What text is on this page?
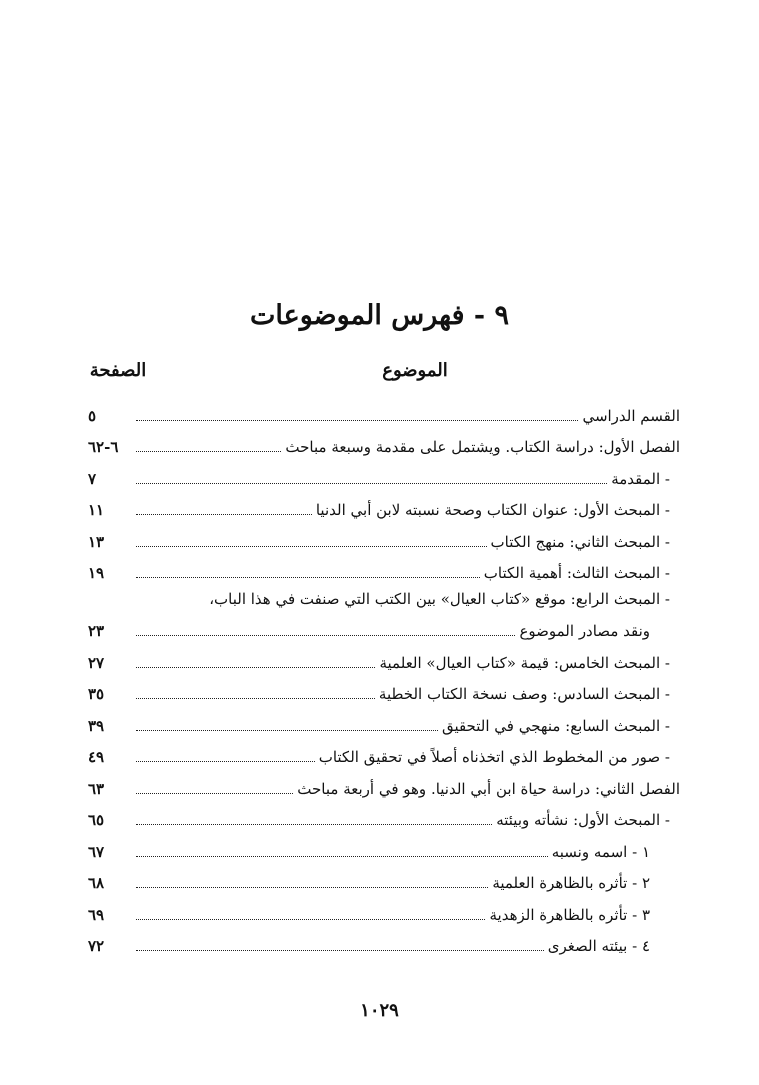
٩ - فهرس الموضوعات
الموضوع
الصفحة
القسم الدراسي
٥
الفصل الأول: دراسة الكتاب. ويشتمل على مقدمة وسبعة مباحث
٦-٦٢
- المقدمة
٧
- المبحث الأول: عنوان الكتاب وصحة نسبته لابن أبي الدنيا
١١
- المبحث الثاني: منهج الكتاب
١٣
- المبحث الثالث: أهمية الكتاب
١٩
- المبحث الرابع: موقع «كتاب العيال» بين الكتب التي صنفت في هذا الباب،
ونقد مصادر الموضوع
٢٣
- المبحث الخامس: قيمة «كتاب العيال» العلمية
٢٧
- المبحث السادس: وصف نسخة الكتاب الخطية
٣٥
- المبحث السابع: منهجي في التحقيق
٣٩
- صور من المخطوط الذي اتخذناه أصلاً في تحقيق الكتاب
٤٩
الفصل الثاني: دراسة حياة ابن أبي الدنيا. وهو في أربعة مباحث
٦٣
- المبحث الأول: نشأته وبيئته
٦٥
١ - اسمه ونسبه
٦٧
٢ - تأثره بالظاهرة العلمية
٦٨
٣ - تأثره بالظاهرة الزهدية
٦٩
٤ - بيئته الصغرى
٧٢
١٠٢٩
